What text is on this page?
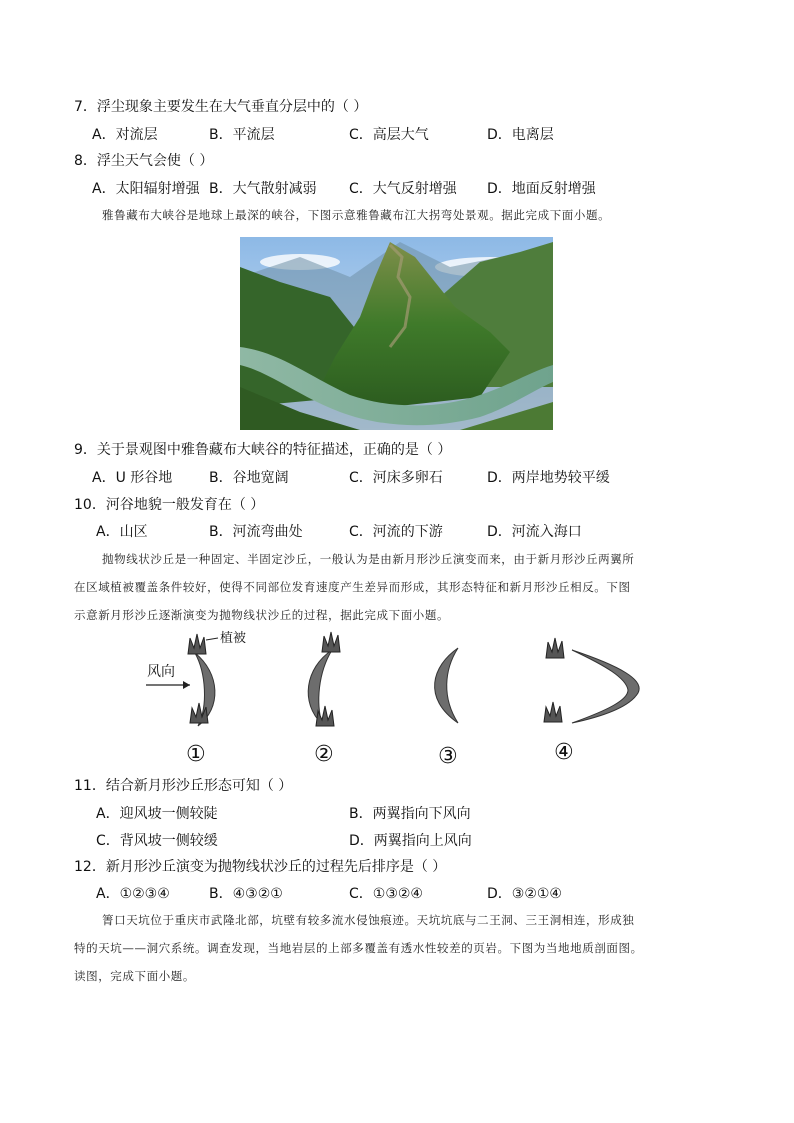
7．浮尘现象主要发生在大气垂直分层中的（ ）
A．对流层	B．平流层	C．高层大气	D．电离层
8．浮尘天气会使（ ）
A．太阳辐射增强 B．大气散射减弱 C．大气反射增强 D．地面反射增强

雅鲁藏布大峡谷是地球上最深的峡谷，下图示意雅鲁藏布江大拐弯处景观。据此完成下面小题。

9．关于景观图中雅鲁藏布大峡谷的特征描述，正确的是（ ）
A．U 形谷地	B．谷地宽阔	C．河床多卵石	D．两岸地势较平缓
10．河谷地貌一般发育在（ ）
A．山区	B．河流弯曲处	C．河流的下游	D．河流入海口

抛物线状沙丘是一种固定、半固定沙丘，一般认为是由新月形沙丘演变而来，由于新月形沙丘两翼所

在区域植被覆盖条件较好，使得不同部位发育速度产生差异而形成，其形态特征和新月形沙丘相反。下图

示意新月形沙丘逐渐演变为抛物线状沙丘的过程，据此完成下面小题。

植被
风向
①	②	③	④
11．结合新月形沙丘形态可知（ ）
A．迎风坡一侧较陡	B．两翼指向下风向
C．背风坡一侧较缓	D．两翼指向上风向
12．新月形沙丘演变为抛物线状沙丘的过程先后排序是（ ）
A．①②③④	B．④③②①	C．①③②④	D．③②①④

箐口天坑位于重庆市武隆北部，坑壁有较多流水侵蚀痕迹。天坑坑底与二王洞、三王洞相连，形成独

特的天坑——洞穴系统。调查发现，当地岩层的上部多覆盖有透水性较差的页岩。下图为当地地质剖面图。

读图，完成下面小题。
